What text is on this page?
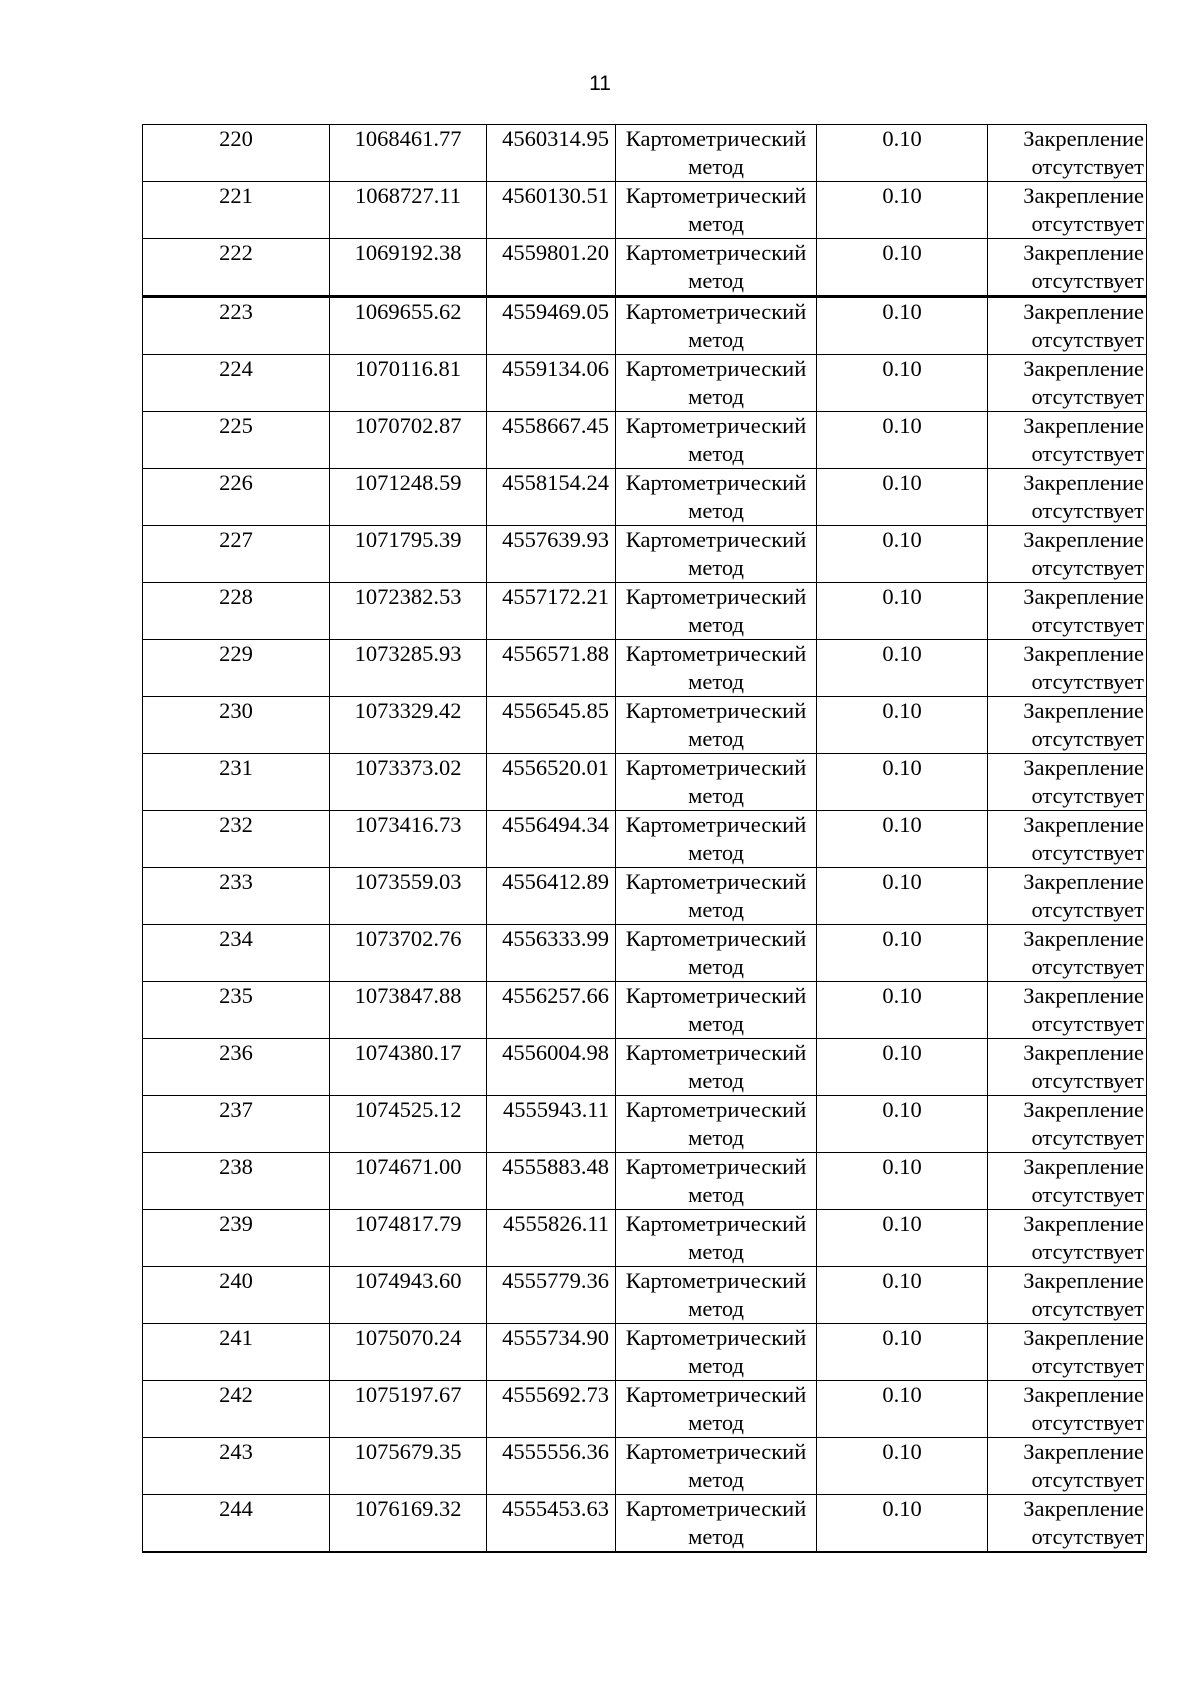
11
220	1068461.77	4560314.95	Картометрический метод	0.10	Закрепление отсутствует
221	1068727.11	4560130.51	Картометрический метод	0.10	Закрепление отсутствует
222	1069192.38	4559801.20	Картометрический метод	0.10	Закрепление отсутствует
223	1069655.62	4559469.05	Картометрический метод	0.10	Закрепление отсутствует
224	1070116.81	4559134.06	Картометрический метод	0.10	Закрепление отсутствует
225	1070702.87	4558667.45	Картометрический метод	0.10	Закрепление отсутствует
226	1071248.59	4558154.24	Картометрический метод	0.10	Закрепление отсутствует
227	1071795.39	4557639.93	Картометрический метод	0.10	Закрепление отсутствует
228	1072382.53	4557172.21	Картометрический метод	0.10	Закрепление отсутствует
229	1073285.93	4556571.88	Картометрический метод	0.10	Закрепление отсутствует
230	1073329.42	4556545.85	Картометрический метод	0.10	Закрепление отсутствует
231	1073373.02	4556520.01	Картометрический метод	0.10	Закрепление отсутствует
232	1073416.73	4556494.34	Картометрический метод	0.10	Закрепление отсутствует
233	1073559.03	4556412.89	Картометрический метод	0.10	Закрепление отсутствует
234	1073702.76	4556333.99	Картометрический метод	0.10	Закрепление отсутствует
235	1073847.88	4556257.66	Картометрический метод	0.10	Закрепление отсутствует
236	1074380.17	4556004.98	Картометрический метод	0.10	Закрепление отсутствует
237	1074525.12	4555943.11	Картометрический метод	0.10	Закрепление отсутствует
238	1074671.00	4555883.48	Картометрический метод	0.10	Закрепление отсутствует
239	1074817.79	4555826.11	Картометрический метод	0.10	Закрепление отсутствует
240	1074943.60	4555779.36	Картометрический метод	0.10	Закрепление отсутствует
241	1075070.24	4555734.90	Картометрический метод	0.10	Закрепление отсутствует
242	1075197.67	4555692.73	Картометрический метод	0.10	Закрепление отсутствует
243	1075679.35	4555556.36	Картометрический метод	0.10	Закрепление отсутствует
244	1076169.32	4555453.63	Картометрический метод	0.10	Закрепление отсутствует
